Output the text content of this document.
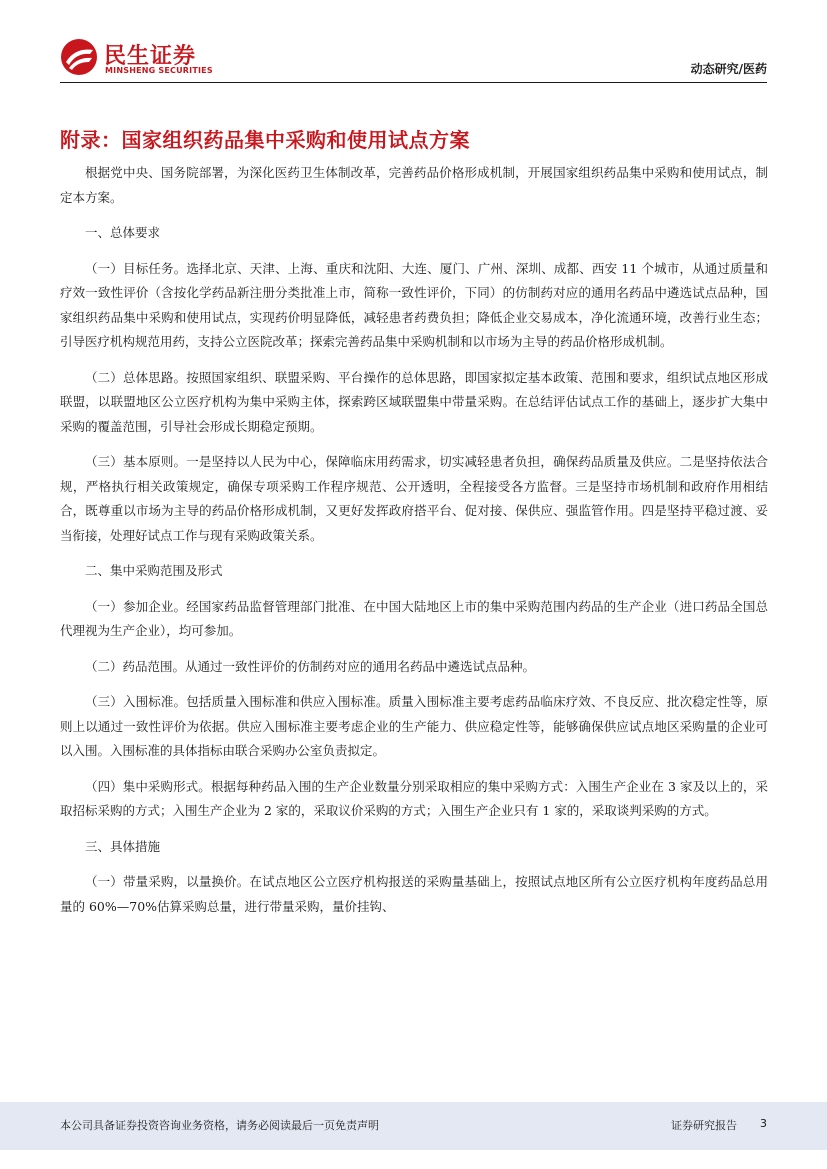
民生证券
MINSHENG SECURITIES	动态研究/医药
附录：国家组织药品集中采购和使用试点方案

根据党中央、国务院部署，为深化医药卫生体制改革，完善药品价格形成机制，开展国家组织药品集中采购和使用试点，制定本方案。

一、总体要求

（一）目标任务。选择北京、天津、上海、重庆和沈阳、大连、厦门、广州、深圳、成都、西安 11 个城市，从通过质量和疗效一致性评价（含按化学药品新注册分类批准上市，简称一致性评价，下同）的仿制药对应的通用名药品中遴选试点品种，国家组织药品集中采购和使用试点，实现药价明显降低，减轻患者药费负担；降低企业交易成本，净化流通环境，改善行业生态；引导医疗机构规范用药，支持公立医院改革；探索完善药品集中采购机制和以市场为主导的药品价格形成机制。

（二）总体思路。按照国家组织、联盟采购、平台操作的总体思路，即国家拟定基本政策、范围和要求，组织试点地区形成联盟，以联盟地区公立医疗机构为集中采购主体，探索跨区域联盟集中带量采购。在总结评估试点工作的基础上，逐步扩大集中采购的覆盖范围，引导社会形成长期稳定预期。

（三）基本原则。一是坚持以人民为中心，保障临床用药需求，切实减轻患者负担，确保药品质量及供应。二是坚持依法合规，严格执行相关政策规定，确保专项采购工作程序规范、公开透明，全程接受各方监督。三是坚持市场机制和政府作用相结合，既尊重以市场为主导的药品价格形成机制，又更好发挥政府搭平台、促对接、保供应、强监管作用。四是坚持平稳过渡、妥当衔接，处理好试点工作与现有采购政策关系。

二、集中采购范围及形式

（一）参加企业。经国家药品监督管理部门批准、在中国大陆地区上市的集中采购范围内药品的生产企业（进口药品全国总代理视为生产企业），均可参加。

（二）药品范围。从通过一致性评价的仿制药对应的通用名药品中遴选试点品种。

（三）入围标准。包括质量入围标准和供应入围标准。质量入围标准主要考虑药品临床疗效、不良反应、批次稳定性等，原则上以通过一致性评价为依据。供应入围标准主要考虑企业的生产能力、供应稳定性等，能够确保供应试点地区采购量的企业可以入围。入围标准的具体指标由联合采购办公室负责拟定。

（四）集中采购形式。根据每种药品入围的生产企业数量分别采取相应的集中采购方式：入围生产企业在 3 家及以上的，采取招标采购的方式；入围生产企业为 2 家的，采取议价采购的方式；入围生产企业只有 1 家的，采取谈判采购的方式。

三、具体措施

（一）带量采购，以量换价。在试点地区公立医疗机构报送的采购量基础上，按照试点地区所有公立医疗机构年度药品总用量的 60%—70%估算采购总量，进行带量采购，量价挂钩、

本公司具备证券投资咨询业务资格，请务必阅读最后一页免责声明	证券研究报告 3
